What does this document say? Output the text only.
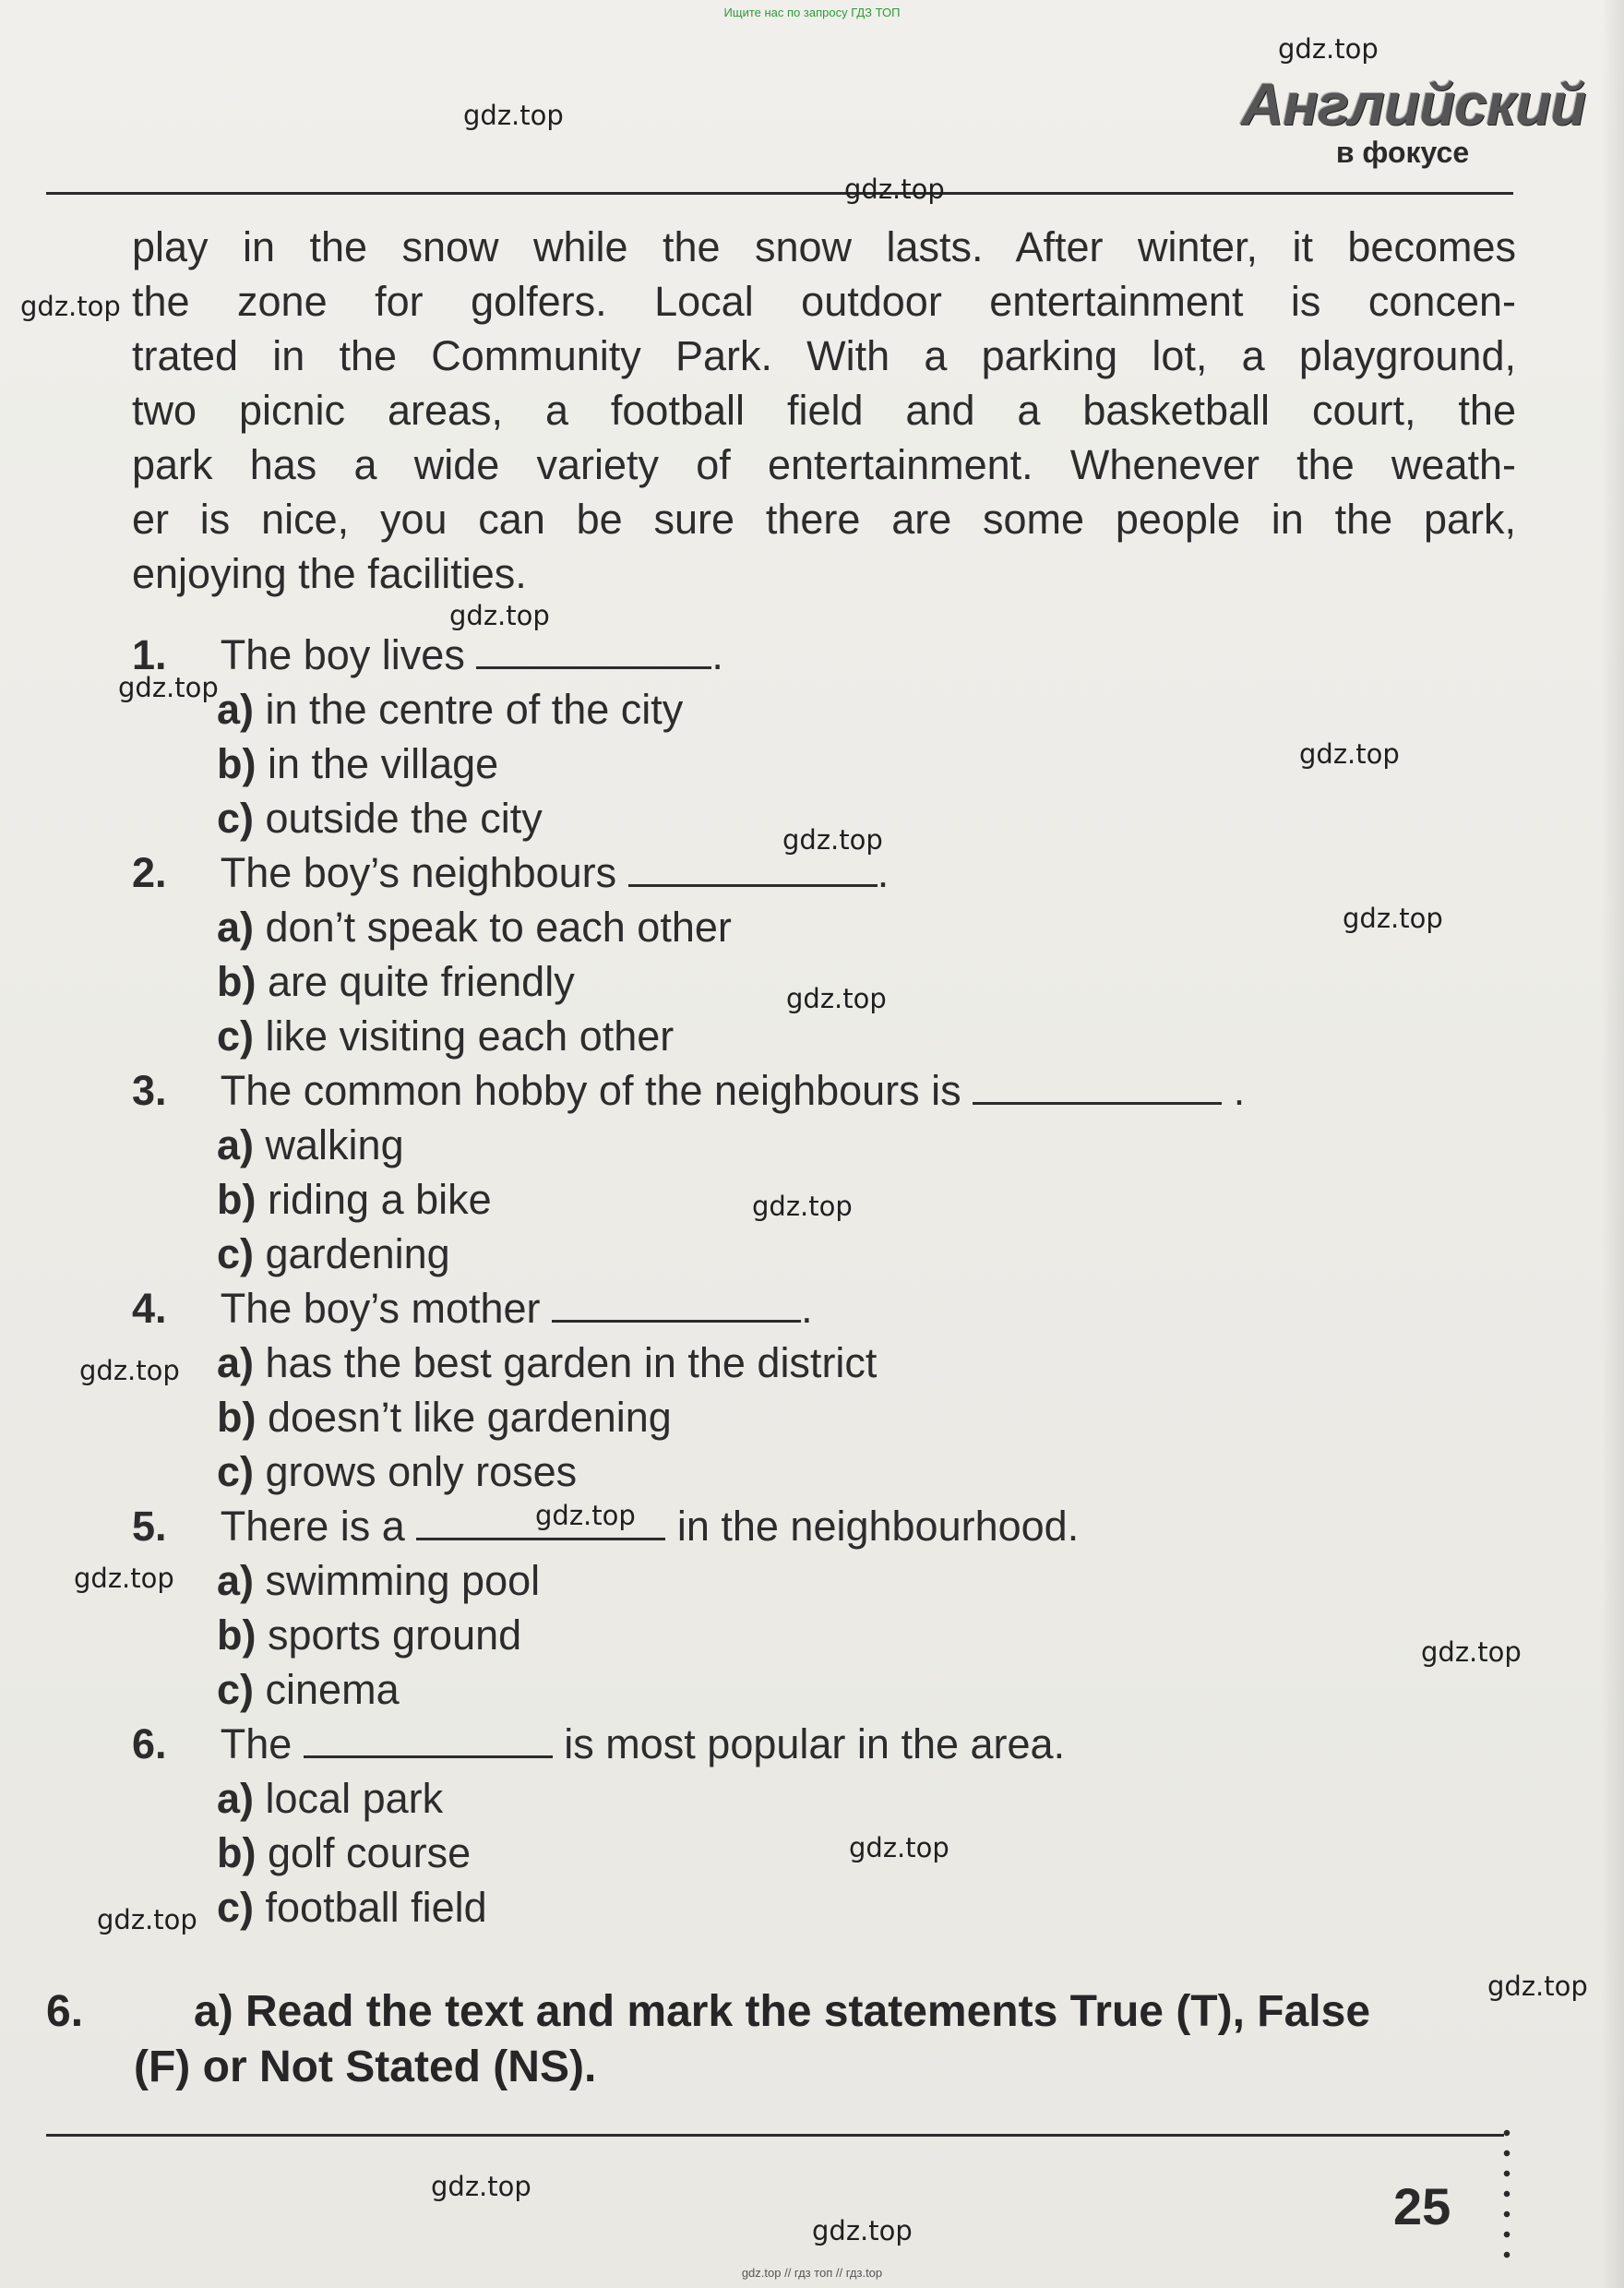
Ищите нас по запросу ГДЗ ТОП
Английский
в фокусе
play in the snow while the snow lasts. After winter, it becomes
the zone for golfers. Local outdoor entertainment is concen-
trated in the Community Park. With a parking lot, a playground,
two picnic areas, a football field and a basketball court, the
park has a wide variety of entertainment. Whenever the weath-
er is nice, you can be sure there are some people in the park,
enjoying the facilities.
1. The boy lives	.
a) in the centre of the city
b) in the village
c) outside the city
2. The boy’s neighbours	.
a) don’t speak to each other
b) are quite friendly
c) like visiting each other
3. The common hobby of the neighbours is	.
a) walking
b) riding a bike
c) gardening
4. The boy’s mother	.
a) has the best garden in the district
b) doesn’t like gardening
c) grows only roses
5. There is a	in the neighbourhood.
a) swimming pool
b) sports ground
c) cinema
6. The	is most popular in the area.
a) local park
b) golf course
c) football field
6. a) Read the text and mark the statements True (T), False
(F) or Not Stated (NS).
25
gdz.top
gdz.top
gdz.top
gdz.top
gdz.top
gdz.top
gdz.top
gdz.top
gdz.top
gdz.top
gdz.top
gdz.top
gdz.top
gdz.top
gdz.top
gdz.top
gdz.top
gdz.top
gdz.top
gdz.top
gdz.top // гдз топ // гдз.top
